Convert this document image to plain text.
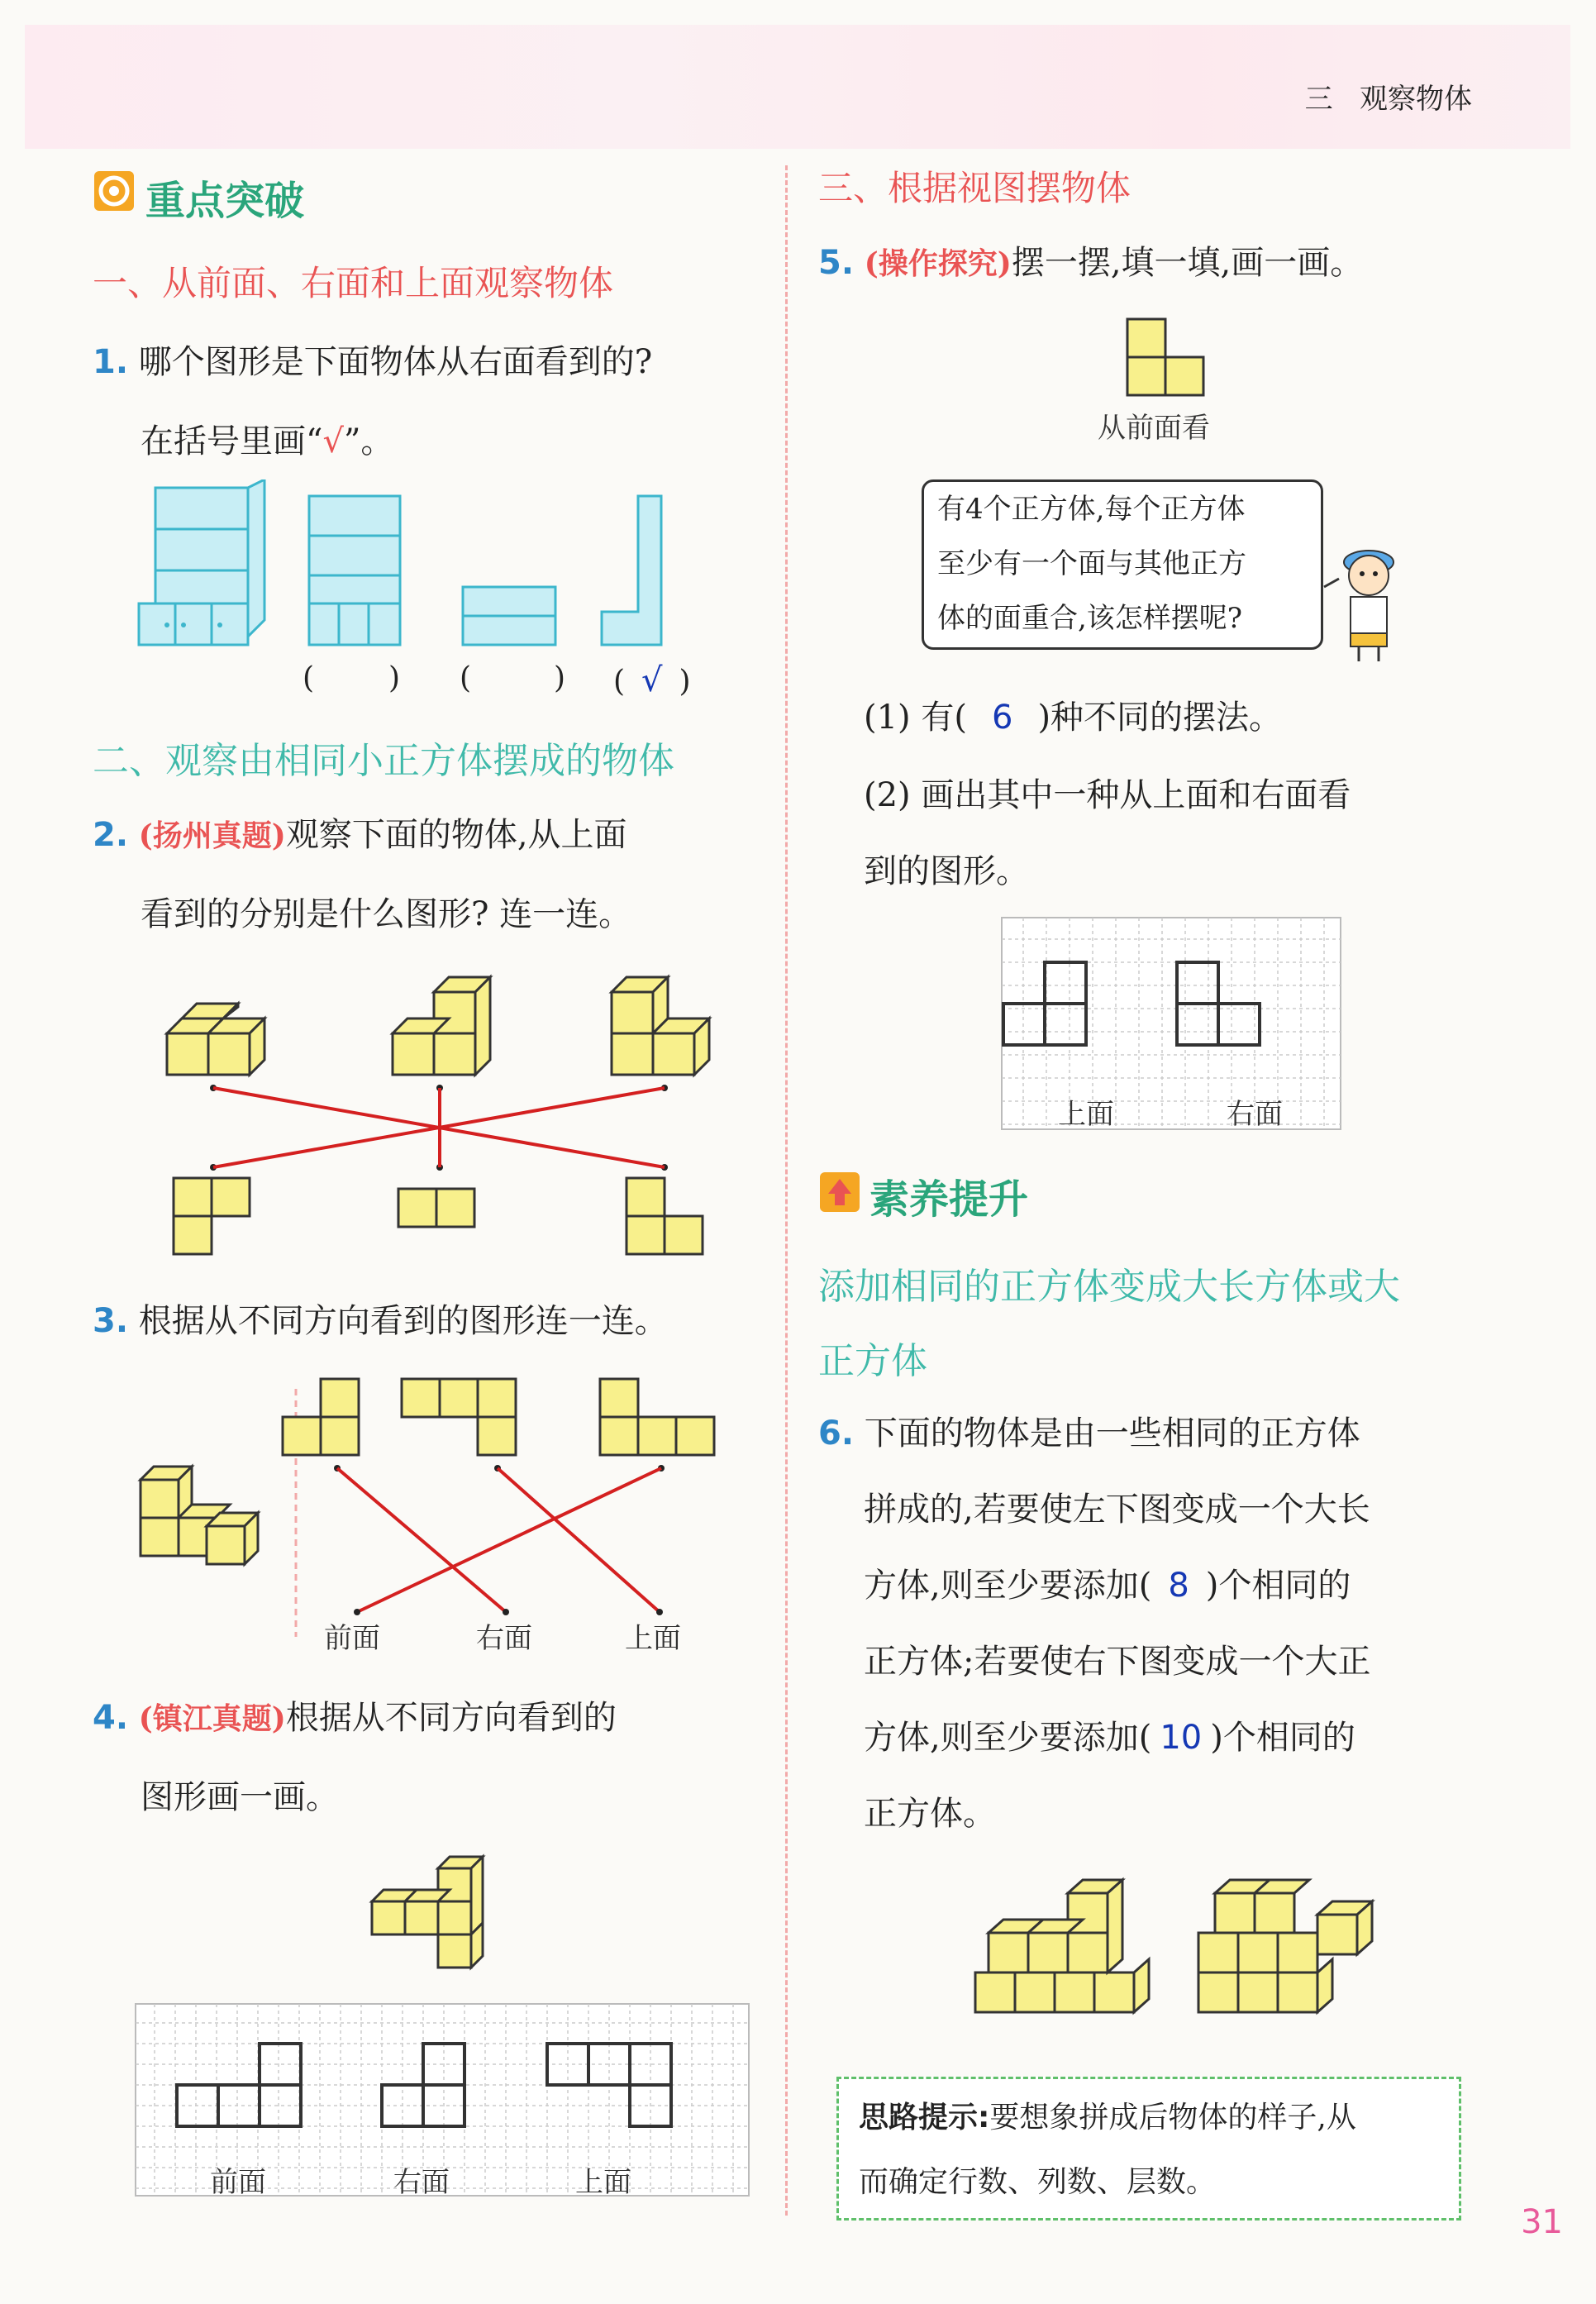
三 观察物体
重点突破
一、从前面、右面和上面观察物体
1. 哪个图形是下面物体从右面看到的?
在括号里画“√”。
(	) (	) ( √ )
二、观察由相同小正方体摆成的物体
2. (扬州真题)观察下面的物体,从上面
看到的分别是什么图形? 连一连。
3. 根据从不同方向看到的图形连一连。
前面	右面	上面
4. (镇江真题)根据从不同方向看到的
图形画一画。
前面	右面	上面
三、根据视图摆物体
5. (操作探究)摆一摆,填一填,画一画。
从前面看
有4个正方体,每个正方体
至少有一个面与其他正方
体的面重合,该怎样摆呢?
(1) 有( 6 )种不同的摆法。
(2) 画出其中一种从上面和右面看
到的图形。
上面	右面
素养提升
添加相同的正方体变成大长方体或大
正方体
6. 下面的物体是由一些相同的正方体
拼成的,若要使左下图变成一个大长
方体,则至少要添加( 8 )个相同的
正方体;若要使右下图变成一个大正
方体,则至少要添加( 10 )个相同的
正方体。
思路提示:要想象拼成后物体的样子,从
而确定行数、列数、层数。
31
